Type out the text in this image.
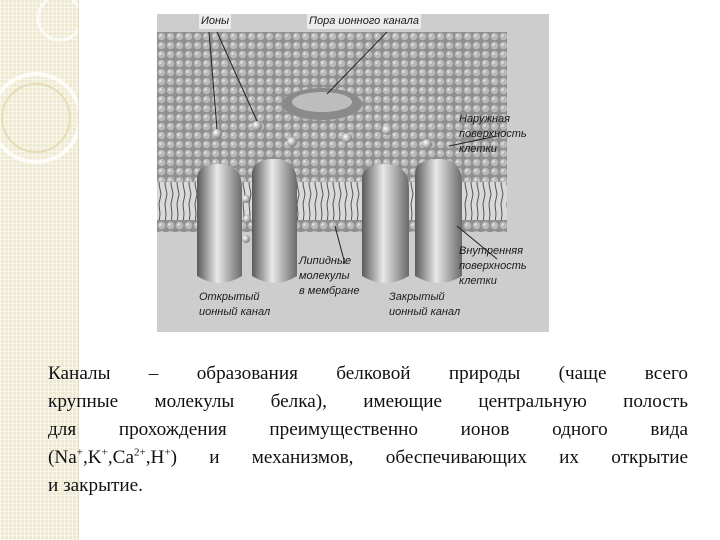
Ионы	Пора ионного канала
Наружная
поверхность
клетки
Внутренняя
поверхность
клетки
Липидные
молекулы
в мембране
Открытый
ионный канал
Закрытый
ионный канал
Каналы – образования белковой природы (чаще всего
крупные молекулы белка), имеющие центральную полость
для прохождения преимущественно ионов одного вида
$(Na^+,K^+,Ca^{2+},H^+)$ и механизмов, обеспечивающих их открытие
и закрытие.
